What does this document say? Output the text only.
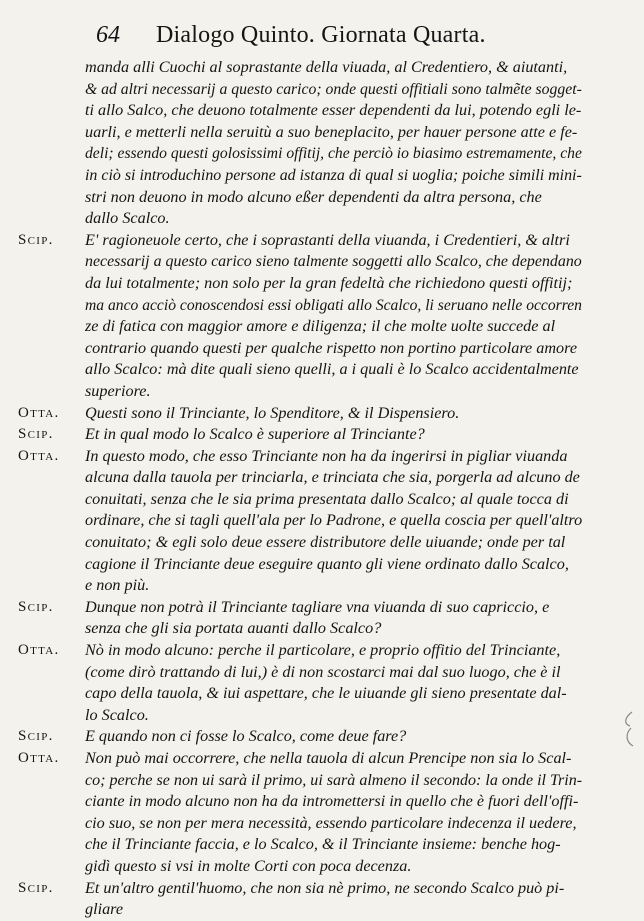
64	Dialogo Quinto. Giornata Quarta.
manda alli Cuochi al soprastante della viuada, al Credentiero, & aiutanti,
& ad altri necessarij a questo carico; onde questi offitiali sono talmẽte sogget-
ti allo Salco, che deuono totalmente esser dependenti da lui, potendo egli le-
uarli, e metterli nella seruitù a suo beneplacito, per hauer persone atte e fe-
deli; essendo questi golosissimi offitij, che perciò io biasimo estremamente, che
in ciò si introduchino persone ad istanza di qual si uoglia; poiche simili mini-
stri non deuono in modo alcuno eßer dependenti da altra persona, che
dallo Scalco.
Scip. E' ragioneuole certo, che i soprastanti della viuanda, i Credentieri, & altri
necessarij a questo carico sieno talmente soggetti allo Scalco, che dependano
da lui totalmente; non solo per la gran fedeltà che richiedono questi offitij;
ma anco acciò conoscendosi essi obligati allo Scalco, li seruano nelle occorren
ze di fatica con maggior amore e diligenza; il che molte uolte succede al
contrario quando questi per qualche rispetto non portino particolare amore
allo Scalco: mà dite quali sieno quelli, a i quali è lo Scalco accidentalmente
superiore.
Otta. Questi sono il Trinciante, lo Spenditore, & il Dispensiero.
Scip. Et in qual modo lo Scalco è superiore al Trinciante?
Otta. In questo modo, che esso Trinciante non ha da ingerirsi in pigliar viuanda
alcuna dalla tauola per trinciarla, e trinciata che sia, porgerla ad alcuno de
conuitati, senza che le sia prima presentata dallo Scalco; al quale tocca di
ordinare, che si tagli quell'ala per lo Padrone, e quella coscia per quell'altro
conuitato; & egli solo deue essere distributore delle uiuande; onde per tal
cagione il Trinciante deue eseguire quanto gli viene ordinato dallo Scalco,
e non più.
Scip. Dunque non potrà il Trinciante tagliare vna viuanda di suo capriccio, e
senza che gli sia portata auanti dallo Scalco?
Otta. Nò in modo alcuno: perche il particolare, e proprio offitio del Trinciante,
(come dirò trattando di lui,) è di non scostarci mai dal suo luogo, che è il
capo della tauola, & iui aspettare, che le uiuande gli sieno presentate dal-
lo Scalco.
Scip. E quando non ci fosse lo Scalco, come deue fare?
Otta. Non può mai occorrere, che nella tauola di alcun Prencipe non sia lo Scal-
co; perche se non ui sarà il primo, ui sarà almeno il secondo: la onde il Trin-
ciante in modo alcuno non ha da intromettersi in quello che è fuori dell'offi-
cio suo, se non per mera necessità, essendo particolare indecenza il uedere,
che il Trinciante faccia, e lo Scalco, & il Trinciante insieme: benche hog-
gidì questo si vsi in molte Corti con poca decenza.
Scip. Et un'altro gentil'huomo, che non sia nè primo, ne secondo Scalco può pi-
gliare
